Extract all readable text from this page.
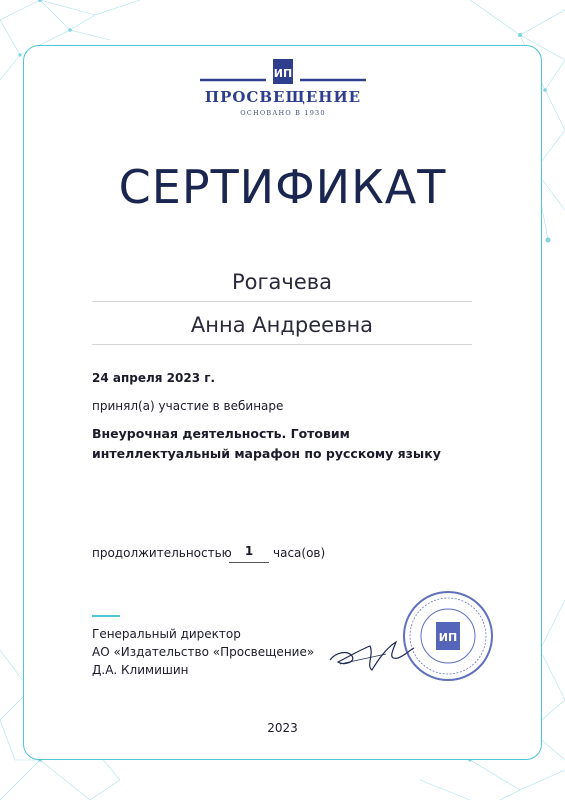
ИП
ПРОСВЕЩЕНИЕ
ОСНОВАНО В 1930
СЕРТИФИКАТ
Рогачева
Анна Андреевна
24 апреля 2023 г.
принял(а) участие в вебинаре
Внеурочная деятельность. Готовим
интеллектуальный марафон по русскому языку
продолжительностью	1	часа(ов)
Генеральный директор
АО «Издательство «Просвещение»
Д.А. Климишин
ИП
2023
